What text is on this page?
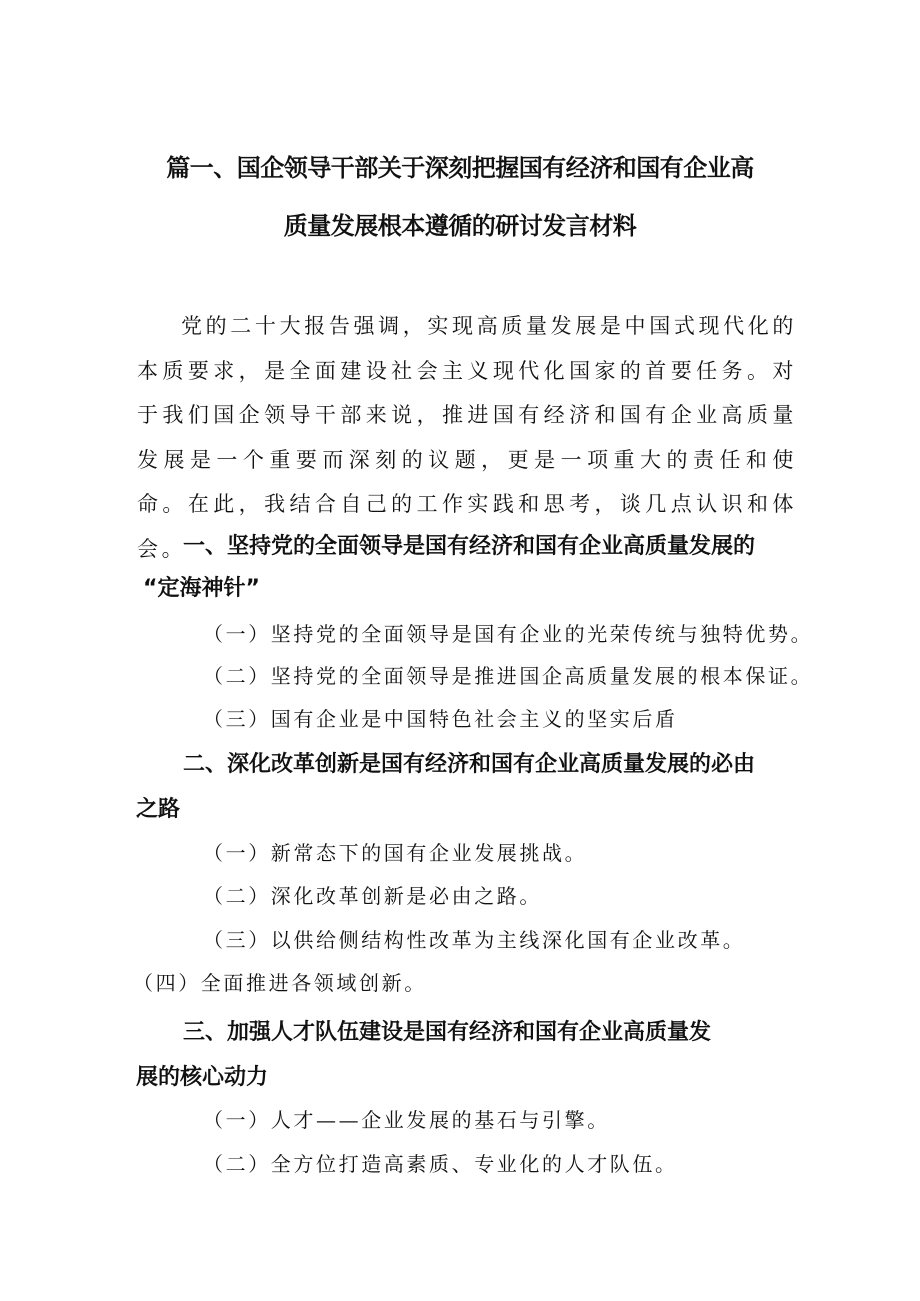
篇一、国企领导干部关于深刻把握国有经济和国有企业高
质量发展根本遵循的研讨发言材料

党的二十大报告强调，实现高质量发展是中国式现代化的本质要求，是全面建设社会主义现代化国家的首要任务。对于我们国企领导干部来说，推进国有经济和国有企业高质量发展是一个重要而深刻的议题，更是一项重大的责任和使命。在此，我结合自己的工作实践和思考，谈几点认识和体会。

一、坚持党的全面领导是国有经济和国有企业高质量发展的
“定海神针”
（一）坚持党的全面领导是国有企业的光荣传统与独特优势。
（二）坚持党的全面领导是推进国企高质量发展的根本保证。
（三）国有企业是中国特色社会主义的坚实后盾
二、深化改革创新是国有经济和国有企业高质量发展的必由
之路
（一）新常态下的国有企业发展挑战。
（二）深化改革创新是必由之路。
（三）以供给侧结构性改革为主线深化国有企业改革。
（四）全面推进各领域创新。
三、加强人才队伍建设是国有经济和国有企业高质量发
展的核心动力
（一）人才——企业发展的基石与引擎。
（二）全方位打造高素质、专业化的人才队伍。
